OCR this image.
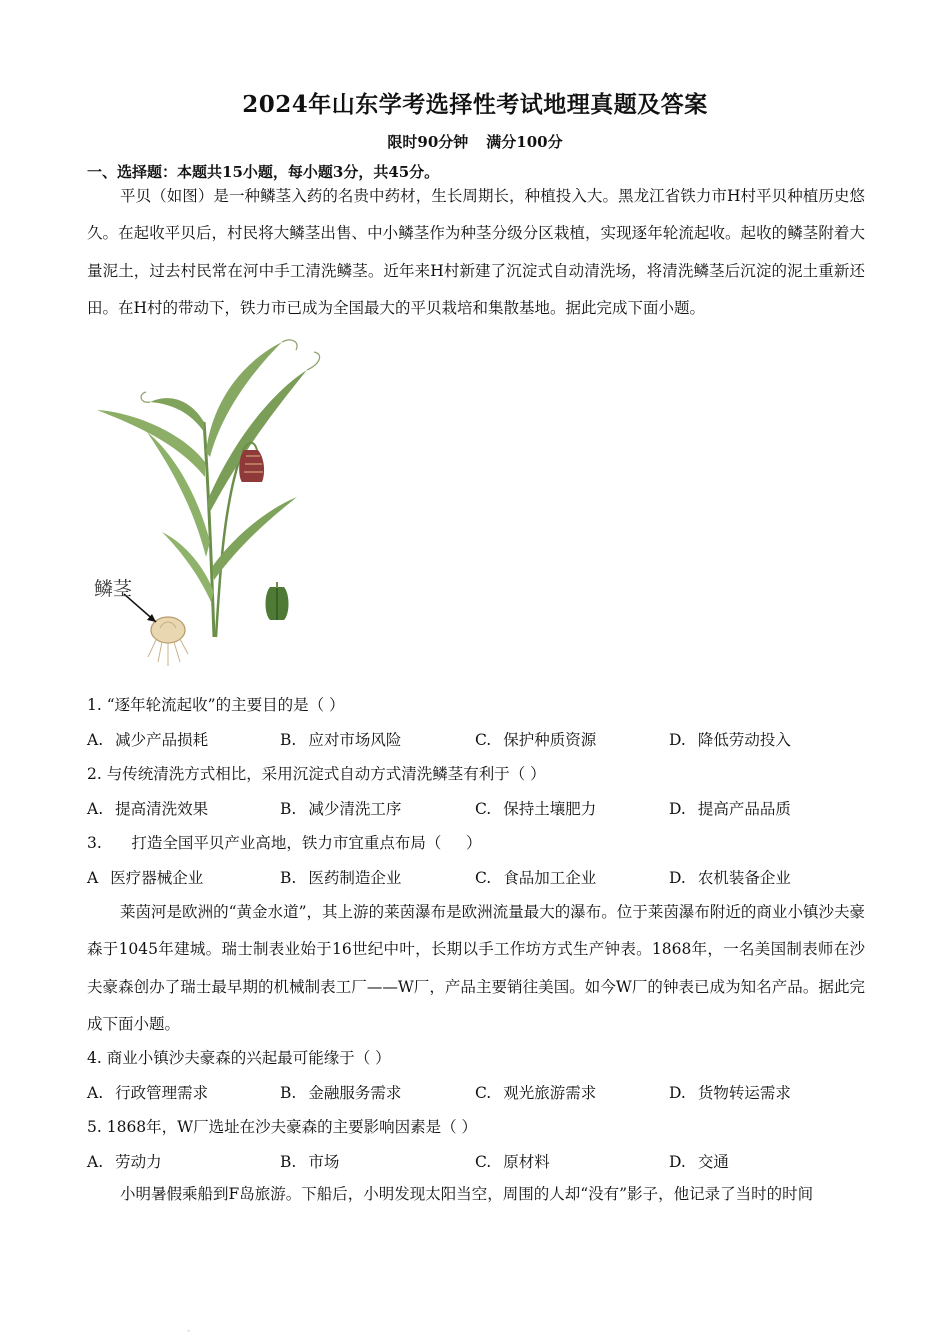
2024年山东学考选择性考试地理真题及答案
限时90分钟 满分100分
一、选择题：本题共15小题，每小题3分，共45分。
平贝（如图）是一种鳞茎入药的名贵中药材，生长周期长，种植投入大。黑龙江省铁力市H村平贝种植历史悠久。在起收平贝后，村民将大鳞茎出售、中小鳞茎作为种茎分级分区栽植，实现逐年轮流起收。起收的鳞茎附着大量泥土，过去村民常在河中手工清洗鳞茎。近年来H村新建了沉淀式自动清洗场，将清洗鳞茎后沉淀的泥土重新还田。在H村的带动下，铁力市已成为全国最大的平贝栽培和集散基地。据此完成下面小题。
鳞茎
1. “逐年轮流起收”的主要目的是（ ）
A. 减少产品损耗	B. 应对市场风险	C. 保护种质资源	D. 降低劳动投入
2. 与传统清洗方式相比，采用沉淀式自动方式清洗鳞茎有利于（ ）
A. 提高清洗效果	B. 减少清洗工序	C. 保持土壤肥力	D. 提高产品品质
3.      打造全国平贝产业高地，铁力市宜重点布局（     ）
A 医疗器械企业	B. 医药制造企业	C. 食品加工企业	D. 农机装备企业
莱茵河是欧洲的“黄金水道”，其上游的莱茵瀑布是欧洲流量最大的瀑布。位于莱茵瀑布附近的商业小镇沙夫豪森于1045年建城。瑞士制表业始于16世纪中叶，长期以手工作坊方式生产钟表。1868年，一名美国制表师在沙夫豪森创办了瑞士最早期的机械制表工厂——W厂，产品主要销往美国。如今W厂的钟表已成为知名产品。据此完成下面小题。
4. 商业小镇沙夫豪森的兴起最可能缘于（ ）
A. 行政管理需求	B. 金融服务需求	C. 观光旅游需求	D. 货物转运需求
5. 1868年，W厂选址在沙夫豪森的主要影响因素是（ ）
A. 劳动力	B. 市场	C. 原材料	D. 交通
小明暑假乘船到F岛旅游。下船后，小明发现太阳当空，周围的人却“没有”影子，他记录了当时的时间
˅
